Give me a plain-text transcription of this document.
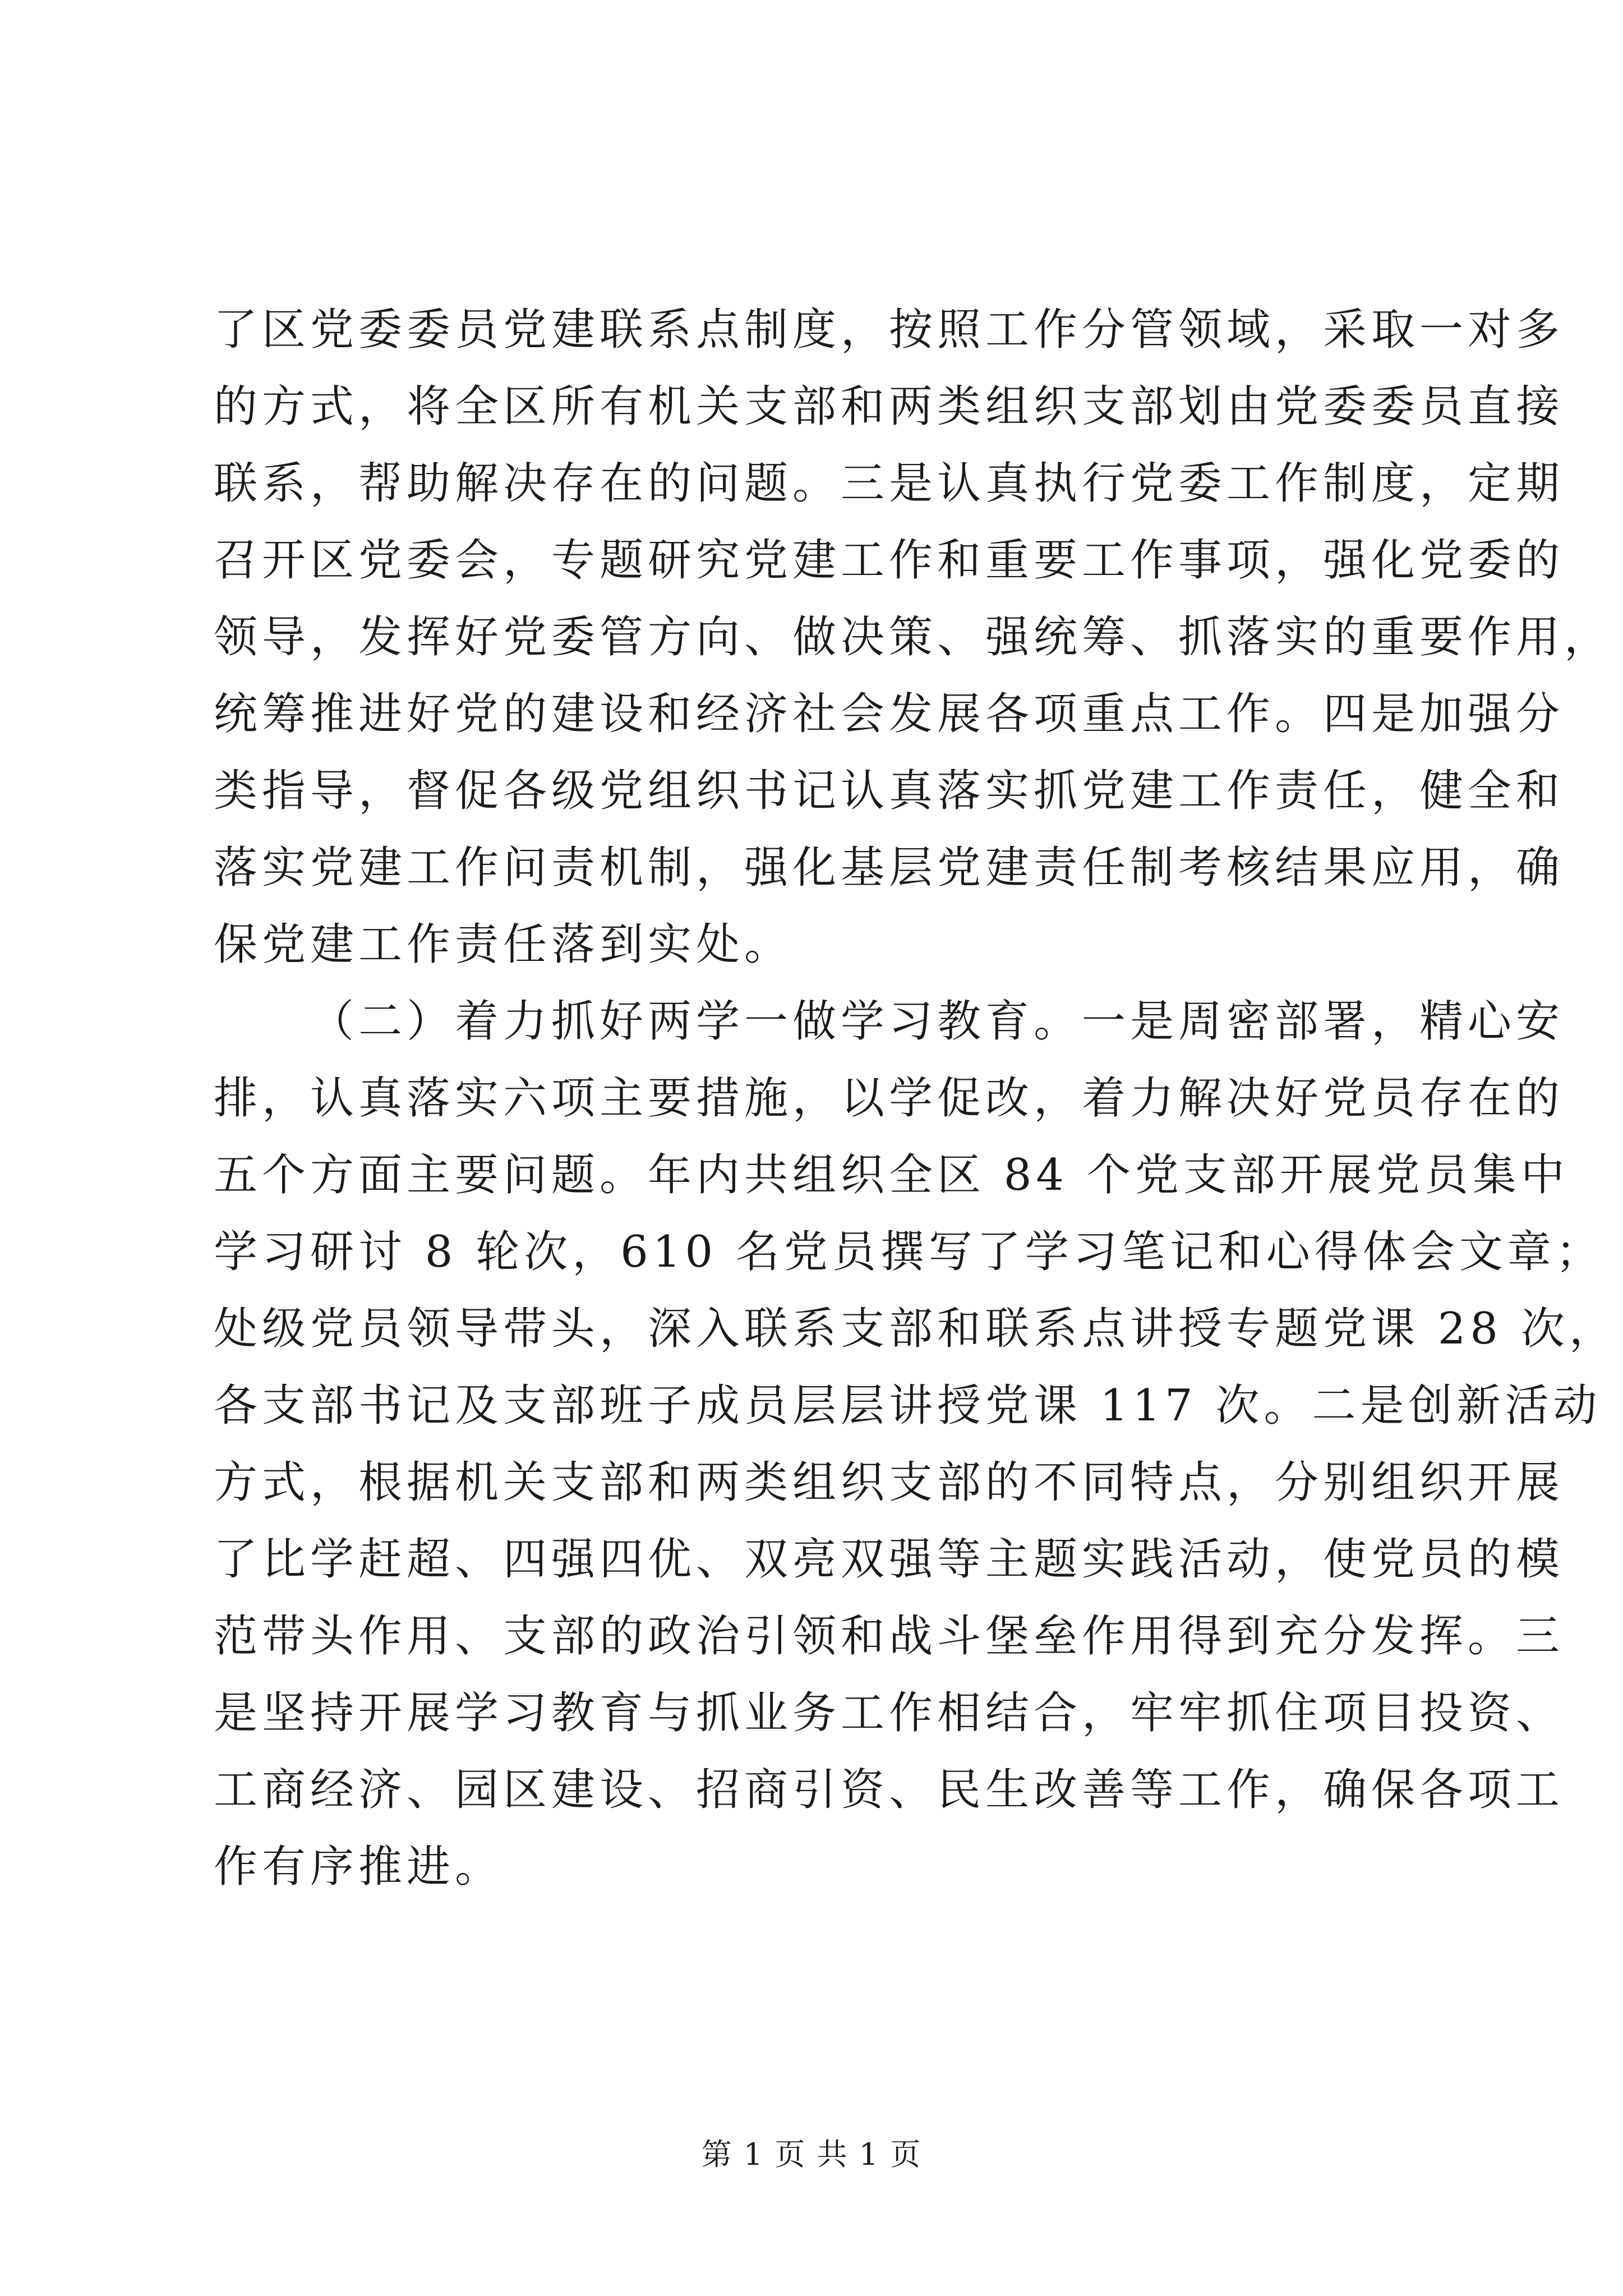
了区党委委员党建联系点制度，按照工作分管领域，采取一对多
的方式，将全区所有机关支部和两类组织支部划由党委委员直接
联系，帮助解决存在的问题。三是认真执行党委工作制度，定期
召开区党委会，专题研究党建工作和重要工作事项，强化党委的
领导，发挥好党委管方向、做决策、强统筹、抓落实的重要作用，
统筹推进好党的建设和经济社会发展各项重点工作。四是加强分
类指导，督促各级党组织书记认真落实抓党建工作责任，健全和
落实党建工作问责机制，强化基层党建责任制考核结果应用，确
保党建工作责任落到实处。
（二）着力抓好两学一做学习教育。一是周密部署，精心安
排，认真落实六项主要措施，以学促改，着力解决好党员存在的
五个方面主要问题。年内共组织全区 84 个党支部开展党员集中
学习研讨 8 轮次，610 名党员撰写了学习笔记和心得体会文章；
处级党员领导带头，深入联系支部和联系点讲授专题党课 28 次，
各支部书记及支部班子成员层层讲授党课 117 次。二是创新活动
方式，根据机关支部和两类组织支部的不同特点，分别组织开展
了比学赶超、四强四优、双亮双强等主题实践活动，使党员的模
范带头作用、支部的政治引领和战斗堡垒作用得到充分发挥。三
是坚持开展学习教育与抓业务工作相结合，牢牢抓住项目投资、
工商经济、园区建设、招商引资、民生改善等工作，确保各项工
作有序推进。
第 1 页 共 1 页
